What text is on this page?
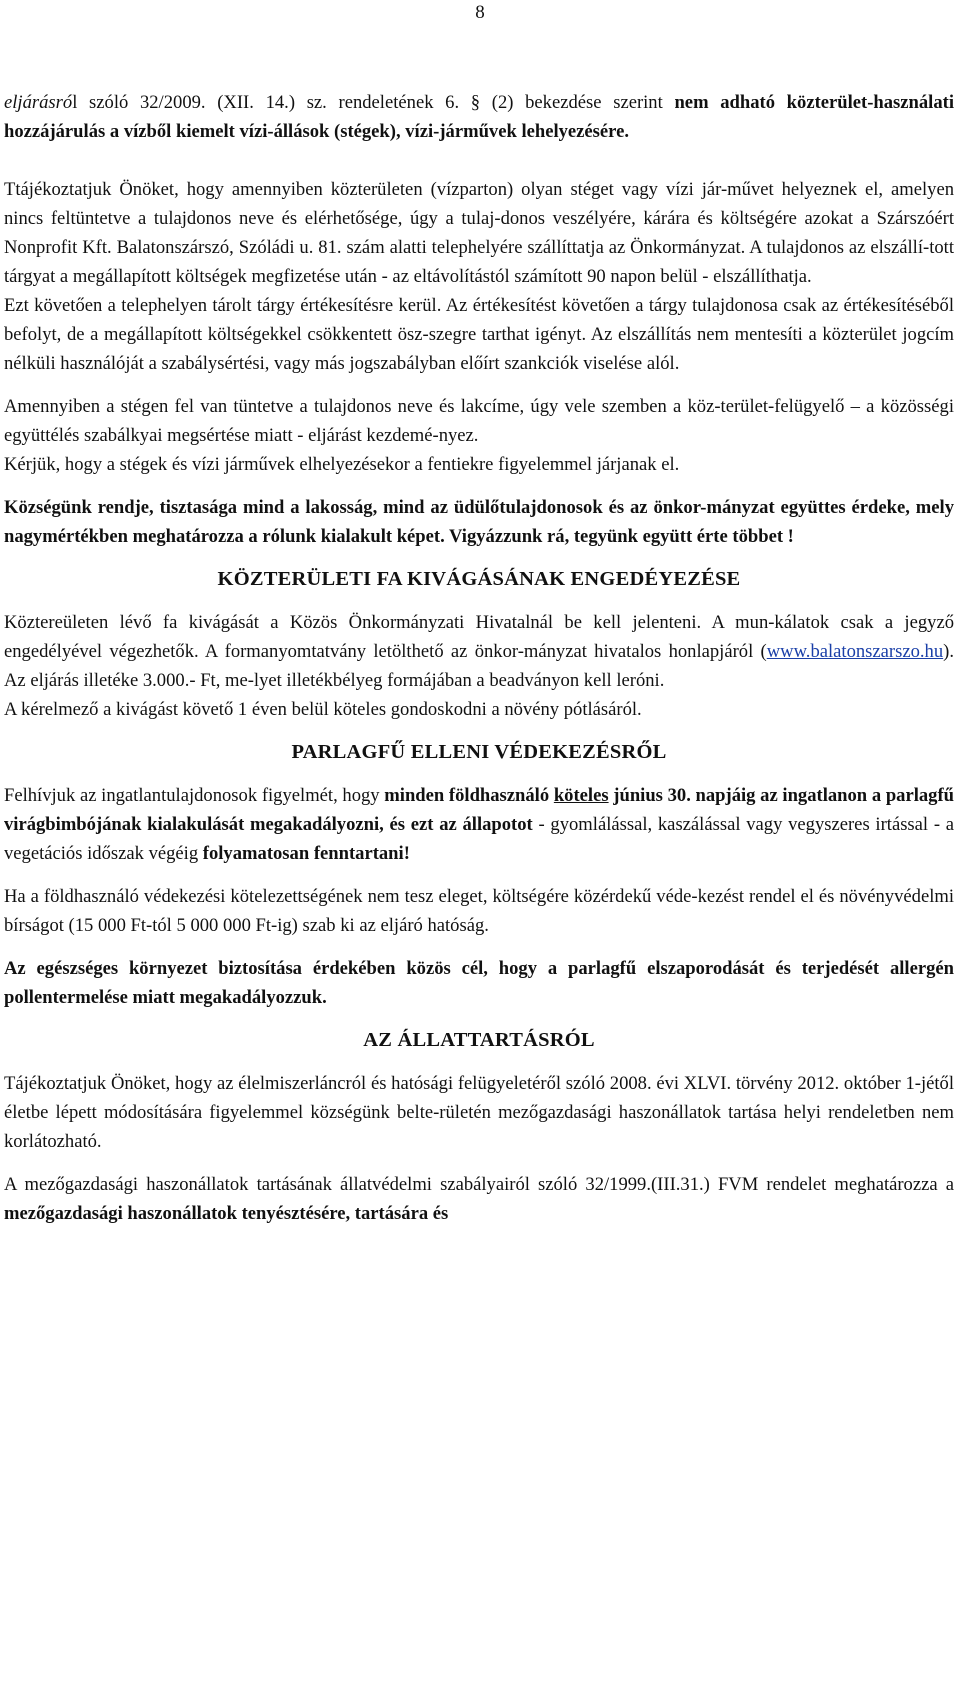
8

eljárásról szóló 32/2009. (XII. 14.) sz. rendeletének 6. § (2) bekezdése szerint nem adható közterület-használati hozzájárulás a vízből kiemelt vízi-állások (stégek), vízi-járművek lehelyezésére.

Ttájékoztatjuk Önöket, hogy amennyiben közterületen (vízparton) olyan stéget vagy vízi jár-művet helyeznek el, amelyen nincs feltüntetve a tulajdonos neve és elérhetősége, úgy a tulaj-donos veszélyére, kárára és költségére azokat a Szárszóért Nonprofit Kft. Balatonszárszó, Szóládi u. 81. szám alatti telephelyére szállíttatja az Önkormányzat. A tulajdonos az elszállí-tott tárgyat a megállapított költségek megfizetése után - az eltávolítástól számított 90 napon belül - elszállíthatja.

Ezt követően a telephelyen tárolt tárgy értékesítésre kerül. Az értékesítést követően a tárgy tulajdonosa csak az értékesítéséből befolyt, de a megállapított költségekkel csökkentett ösz-szegre tarthat igényt. Az elszállítás nem mentesíti a közterület jogcím nélküli használóját a szabálysértési, vagy más jogszabályban előírt szankciók viselése alól.

Amennyiben a stégen fel van tüntetve a tulajdonos neve és lakcíme, úgy vele szemben a köz-terület-felügyelő – a közösségi együttélés szabálkyai megsértése miatt - eljárást kezdemé-nyez.

Kérjük, hogy a stégek és vízi járművek elhelyezésekor a fentiekre figyelemmel járjanak el.

Községünk rendje, tisztasága mind a lakosság, mind az üdülőtulajdonosok és az önkor-mányzat együttes érdeke, mely nagymértékben meghatározza a rólunk kialakult képet. Vigyázzunk rá, tegyünk együtt érte többet !

KÖZTERÜLETI FA KIVÁGÁSÁNAK ENGEDÉYEZÉSE

Köztereületen lévő fa kivágását a Közös Önkormányzati Hivatalnál be kell jelenteni. A mun-kálatok csak a jegyző engedélyével végezhetők. A formanyomtatvány letölthető az önkor-mányzat hivatalos honlapjáról (www.balatonszarszo.hu). Az eljárás illetéke 3.000.- Ft, me-lyet illetékbélyeg formájában a beadványon kell leróni.

A kérelmező a kivágást követő 1 éven belül köteles gondoskodni a növény pótlásáról.

PARLAGFŰ ELLENI VÉDEKEZÉSRŐL

Felhívjuk az ingatlantulajdonosok figyelmét, hogy minden földhasználó köteles június 30. napjáig az ingatlanon a parlagfű virágbimbójának kialakulását megakadályozni, és ezt az állapotot - gyomlálással, kaszálással vagy vegyszeres irtással - a vegetációs időszak végéig folyamatosan fenntartani!

Ha a földhasználó védekezési kötelezettségének nem tesz eleget, költségére közérdekű véde-kezést rendel el és növényvédelmi bírságot (15 000 Ft-tól 5 000 000 Ft-ig) szab ki az eljáró hatóság.

Az egészséges környezet biztosítása érdekében közös cél, hogy a parlagfű elszaporodását és terjedését allergén pollentermelése miatt megakadályozzuk.

AZ ÁLLATTARTÁSRÓL

Tájékoztatjuk Önöket, hogy az élelmiszerláncról és hatósági felügyeletéről szóló 2008. évi XLVI. törvény 2012. október 1-jétől életbe lépett módosítására figyelemmel községünk belte-rületén mezőgazdasági haszonállatok tartása helyi rendeletben nem korlátozható.

A mezőgazdasági haszonállatok tartásának állatvédelmi szabályairól szóló 32/1999.(III.31.) FVM rendelet meghatározza a mezőgazdasági haszonállatok tenyésztésére, tartására és
